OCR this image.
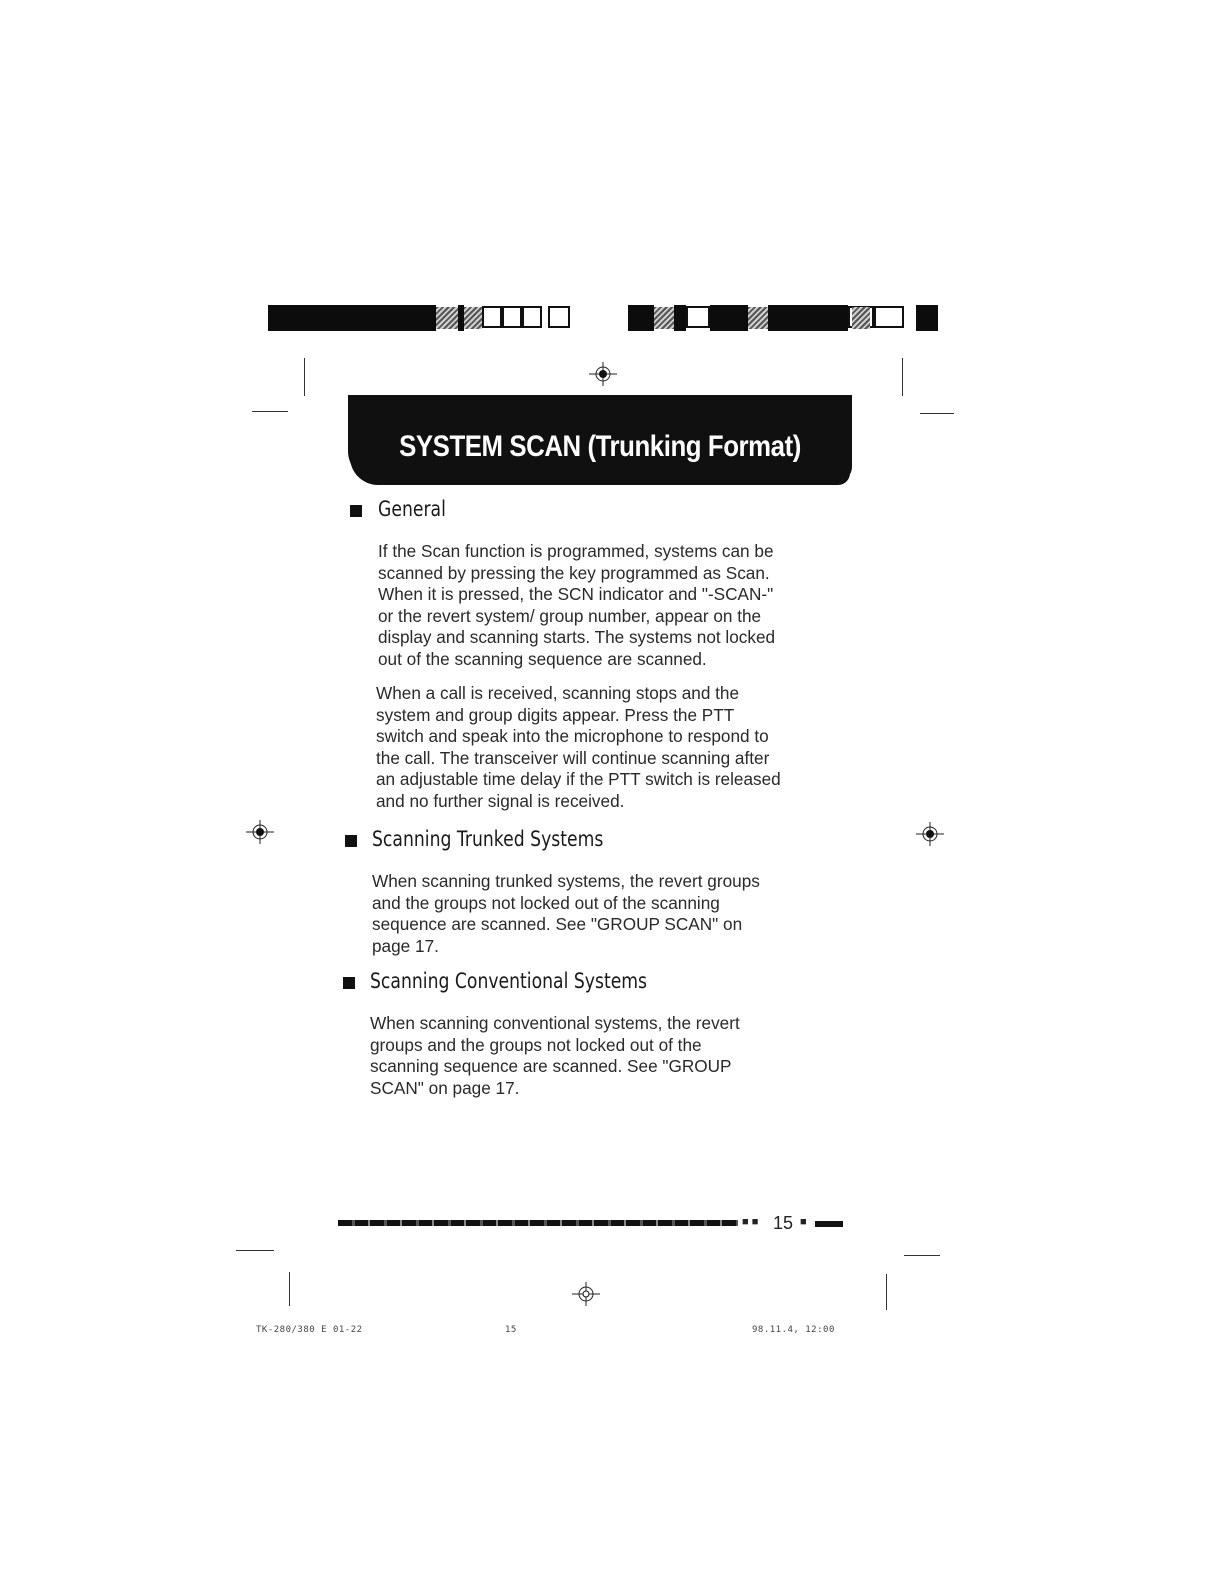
SYSTEM SCAN (Trunking Format)
General
If the Scan function is programmed, systems can be
scanned by pressing the key programmed as Scan.
When it is pressed, the SCN indicator and "-SCAN-"
or the revert system/ group number, appear on the
display and scanning starts. The systems not locked
out of the scanning sequence are scanned.
When a call is received, scanning stops and the
system and group digits appear. Press the PTT
switch and speak into the microphone to respond to
the call. The transceiver will continue scanning after
an adjustable time delay if the PTT switch is released
and no further signal is received.
Scanning Trunked Systems
When scanning trunked systems, the revert groups
and the groups not locked out of the scanning
sequence are scanned. See "GROUP SCAN" on
page 17.
Scanning Conventional Systems
When scanning conventional systems, the revert
groups and the groups not locked out of the
scanning sequence are scanned. See "GROUP
SCAN" on page 17.
■ ■ 15 ■
TK-280/380 E 01-22	15	98.11.4, 12:00
